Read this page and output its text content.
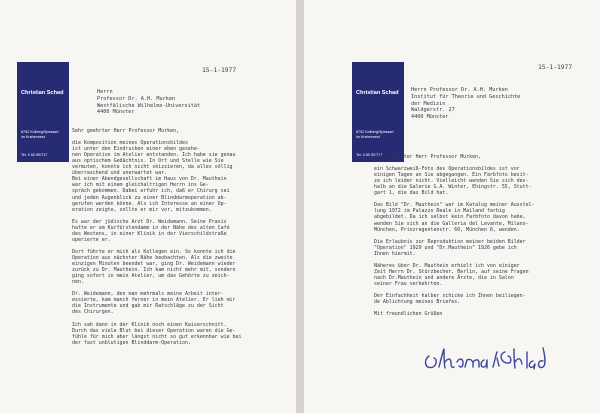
Christian Schad
8752 Kolberg/Spessart
im Krahennest
Tel. 0 60 59/717
15-1-1977
Herrn
Professor Dr. A.H. Murken
Westfälische Wilhelms-Universität
4400 Münster
Sehr geehrter Herr Professor Murken,

die Komposition meines Operationsbildes
ist unter den Eindrucken einer eben gesehe-
nen Operation im Atelier entstanden. Ich habe sie genau
aus optischem Gedächtnis. In Ort und Stelle wie Sie
vermuten, konnte ich nicht skizzieren, da alles völlig
überraschend und unerwartet war.
Bei einer Abendgesellschaft im Haus von Dr. Mauthein
war ich mit einem gleichaltrigen Herrn ins Ge-
spräch gekommen. Dabei erfuhr ich, daß er Chirurg sei
und jeden Augenblick zu einer Blinddarmoperation ab-
gerufen werden könne. Als ich Interesse an einer Op-
eration zeigte, sollte er mir vor, mitzukommen.

Es war der jüdische Arzt Dr. Weidemann. Seine Praxis
hatte er am Kurfürstendamm in der Nähe des alten Café
des Westens, in einer Klinik in der Vierschildstraße
operierte er.

Dort führte er mich als Kollegen ein. So konnte ich die
Operation aus nächster Nähe beobachten. Als die zweite
einzigen Minuten beendet war, ging Dr. Weidemann wieder
zurück zu Dr. Mauthein. Ich kam nicht mehr mit, sondern
ging sofort in mein Atelier, um das Gehörte zu zeich-
nen.

Dr. Weidemann, den man mehrmals meine Arbeit inter-
essierte, kam manch ferner in mein Atelier. Er lieh mir
die Instrumente und gab mir Ratschläge zu der Sicht
des Chirurgen.

Ich sah dann in der Klinik noch einen Kaiserschnitt.
Durch das viele Blut bei dieser Operation waren die Ge-
fühle für mich aber längst nicht so gut erkennbar wie bei
der fast unblutigen Blinddarm-Operation.
Christian Schad
8752 Kolberg/Spessart
im Krahennest
Tel. 0 60 59/717
15-1-1977
Herrn Professor Dr. A.H. Murken
Institut für Theorie und Geschichte
der Medizin
Waldgerstr. 27
4400 Münster
Sehr geehrter Herr Professor Murken,

ein Schwarzweiß-Foto des Operationsbildes ist vor
einigen Tagen an Sie abgegangen. Ein Farbfoto besit-
ze ich leider nicht. Vielleicht wenden Sie sich des-
halb an die Galerie G.A. Winter, Ehingstr. 55, Stutt-
gart 1, die das Bild hat.

Das Bild "Dr. Mauthein" war im Katalog meiner Ausstel-
lung 1972 im Palazzo Reale in Mailand farbig
abgebildet. Da ich selbst kein Farbfoto davon habe,
wenden Sie sich an die Galleria del Levante, Milano-
München, Prinzregentenstr. 60, München 8, wenden.

Die Erlaubnis zur Reproduktion meiner beiden Bilder
"Operation" 1929 und "Dr.Mauthein" 1926 gebe ich
Ihnen hiermit.

Näheres über Dr. Mauthein erhielt ich von einiger
Zeit Herrn Dr. Stürzbecher, Berlin, auf seine Fragen
nach Dr.Mauthein und andere Ärzte, die in Salon
seiner Frau verkehrten.

Der Einfachheit halber schicke ich Ihnen beiliegen-
de Ablichtung meines Briefes.

Mit freundlichen Grüßen
